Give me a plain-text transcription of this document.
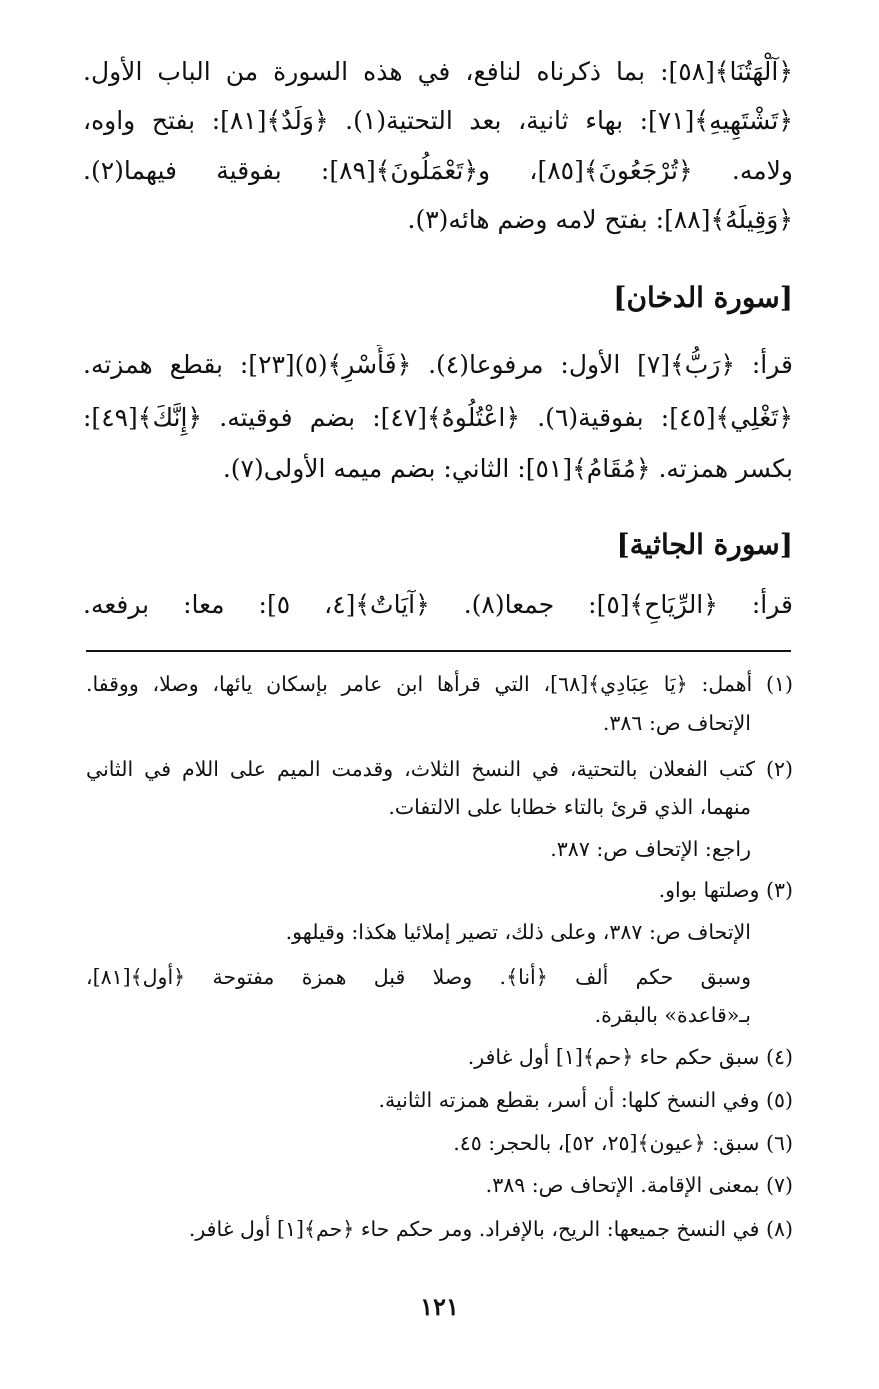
﴿آلْهَتُنَا﴾[٥٨]: بما ذكرناه لنافع، في هذه السورة من الباب الأول.
﴿تَشْتَهِيهِ﴾[٧١]: بهاء ثانية، بعد التحتية(١). ﴿وَلَدٌ﴾[٨١]: بفتح واوه،
ولامه. ﴿تُرْجَعُونَ﴾[٨٥]، و﴿تَعْمَلُونَ﴾[٨٩]: بفوقية فيهما(٢).
﴿وَقِيلَهُ﴾[٨٨]: بفتح لامه وضم هائه(٣).
[سورة الدخان]
قرأ: ﴿رَبُّ﴾[٧] الأول: مرفوعا(٤). ﴿فَأَسْرِ﴾(٥)[٢٣]: بقطع همزته.
﴿تَغْلِي﴾[٤٥]: بفوقية(٦). ﴿اعْتُلُوهُ﴾[٤٧]: بضم فوقيته. ﴿إِنَّكَ﴾[٤٩]:
بكسر همزته. ﴿مُقَامُ﴾[٥١]: الثاني: بضم ميمه الأولى(٧).
[سورة الجاثية]
قرأ: ﴿الرِّيَاحِ﴾[٥]: جمعا(٨). ﴿آيَاتٌ﴾[٤، ٥]: معا: برفعه.
(١) أهمل: ﴿يَا عِبَادِي﴾[٦٨]، التي قرأها ابن عامر بإسكان يائها، وصلا، ووقفا.
الإتحاف ص: ٣٨٦.
(٢) كتب الفعلان بالتحتية، في النسخ الثلاث، وقدمت الميم على اللام في الثاني
منهما، الذي قرئ بالتاء خطابا على الالتفات.
راجع: الإتحاف ص: ٣٨٧.
(٣) وصلتها بواو.
الإتحاف ص: ٣٨٧، وعلى ذلك، تصير إملائيا هكذا: وقيلهو.
وسبق حكم ألف ﴿أنا﴾. وصلا قبل همزة مفتوحة ﴿أول﴾[٨١]،
بـ«قاعدة» بالبقرة.
(٤) سبق حكم حاء ﴿حم﴾[١] أول غافر.
(٥) وفي النسخ كلها: أن أسر، بقطع همزته الثانية.
(٦) سبق: ﴿عيون﴾[٢٥، ٥٢]، بالحجر: ٤٥.
(٧) بمعنى الإقامة. الإتحاف ص: ٣٨٩.
(٨) في النسخ جميعها: الريح، بالإفراد. ومر حكم حاء ﴿حم﴾[١] أول غافر.
١٢١
